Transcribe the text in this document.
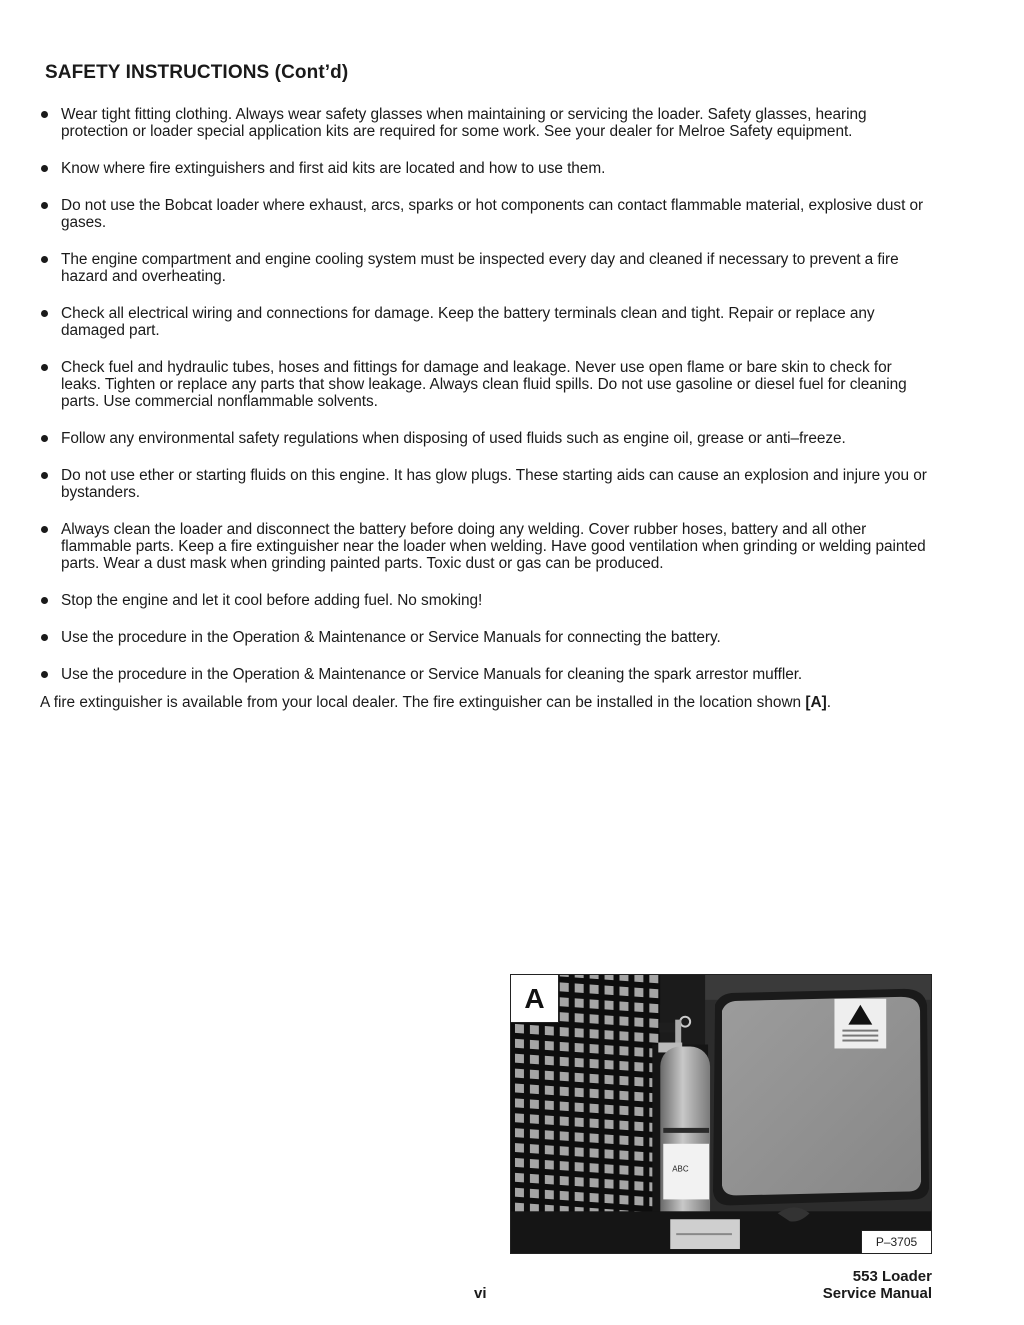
SAFETY INSTRUCTIONS (Cont’d)
Wear tight fitting clothing. Always wear safety glasses when maintaining or servicing the loader. Safety glasses, hearing protection or loader special application kits are required for some work. See your dealer for Melroe Safety equipment.
Know where fire extinguishers and first aid kits are located and how to use them.
Do not use the Bobcat loader where exhaust, arcs, sparks or hot components can contact flammable material, explosive dust or gases.
The engine compartment and engine cooling system must be inspected every day and cleaned if necessary to prevent a fire hazard and overheating.
Check all electrical wiring and connections for damage. Keep the battery terminals clean and tight. Repair or replace any damaged part.
Check fuel and hydraulic tubes, hoses and fittings for damage and leakage. Never use open flame or bare skin to check for leaks. Tighten or replace any parts that show leakage. Always clean fluid spills. Do not use gasoline or diesel fuel for cleaning parts. Use commercial nonflammable solvents.
Follow any environmental safety regulations when disposing of used fluids such as engine oil, grease or anti–freeze.
Do not use ether or starting fluids on this engine. It has glow plugs. These starting aids can cause an explosion and injure you or bystanders.
Always clean the loader and disconnect the battery before doing any welding. Cover rubber hoses, battery and all other flammable parts. Keep a fire extinguisher near the loader when welding. Have good ventilation when grinding or welding painted parts. Wear a dust mask when grinding painted parts. Toxic dust or gas can be produced.
Stop the engine and let it cool before adding fuel. No smoking!
Use the procedure in the Operation & Maintenance or Service Manuals for connecting the battery.
Use the procedure in the Operation & Maintenance or Service Manuals for cleaning the spark arrestor muffler.

A fire extinguisher is available from your local dealer. The fire extinguisher can be installed in the location shown [A].

ABC
A
P–3705
vi
553 Loader
Service Manual
